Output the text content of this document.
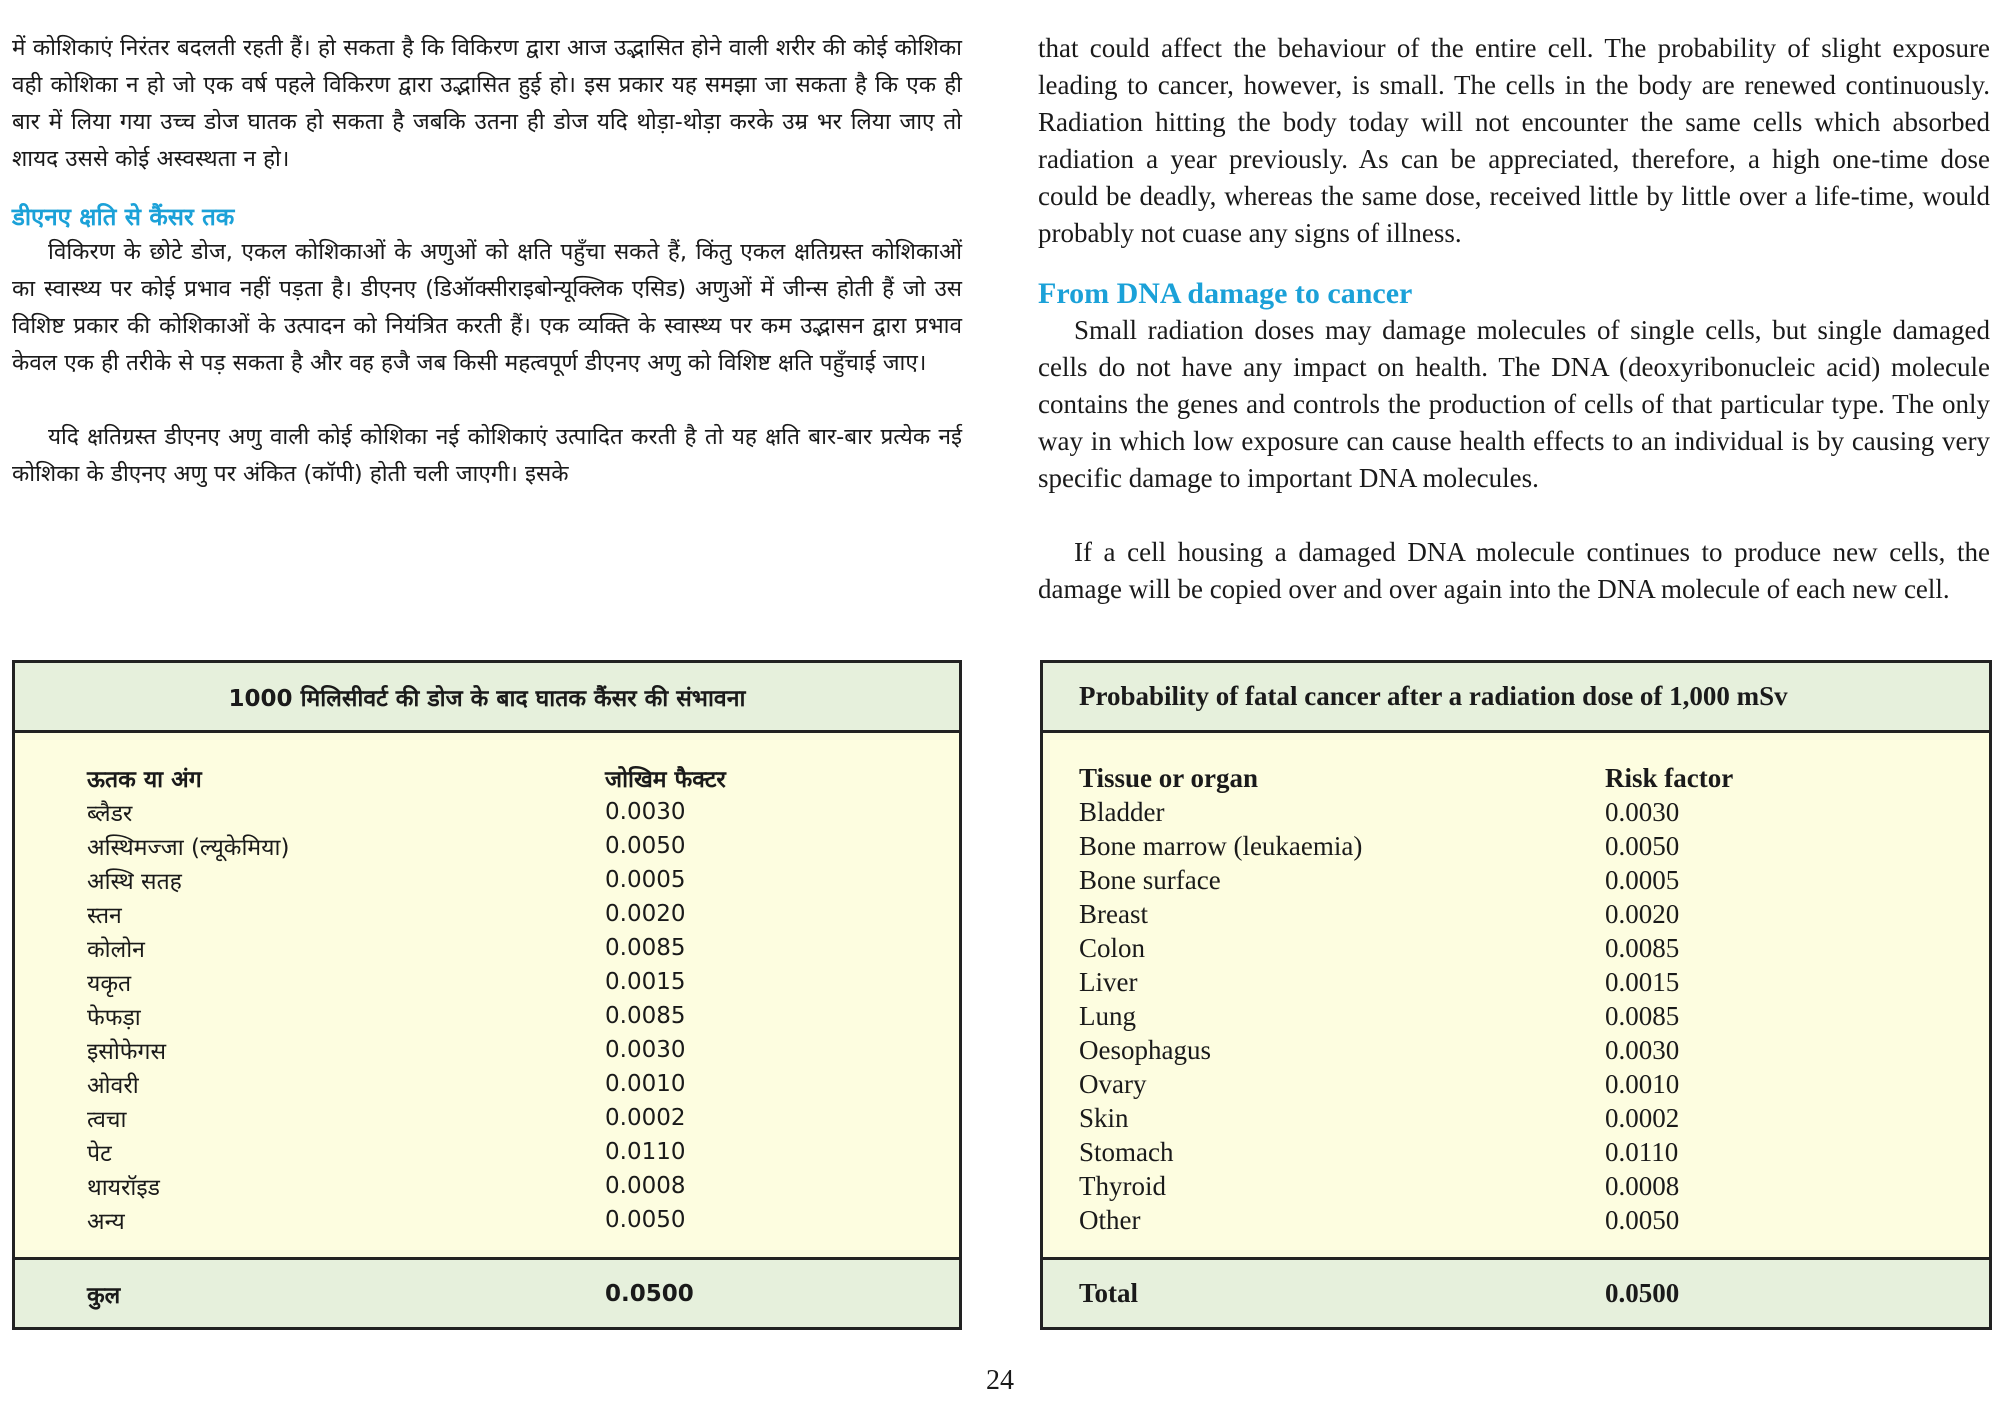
में कोशिकाएं निरंतर बदलती रहती हैं। हो सकता है कि विकिरण द्वारा आज उद्भासित होने वाली शरीर की कोई कोशिका वही कोशिका न हो जो एक वर्ष पहले विकिरण द्वारा उद्भासित हुई हो। इस प्रकार यह समझा जा सकता है कि एक ही बार में लिया गया उच्च डोज घातक हो सकता है जबकि उतना ही डोज यदि थोड़ा-थोड़ा करके उम्र भर लिया जाए तो शायद उससे कोई अस्वस्थता न हो।

डीएनए क्षति से कैंसर तक

विकिरण के छोटे डोज, एकल कोशिकाओं के अणुओं को क्षति पहुँचा सकते हैं, किंतु एकल क्षतिग्रस्त कोशिकाओं का स्वास्थ्य पर कोई प्रभाव नहीं पड़ता है। डीएनए (डिऑक्सीराइबोन्यूक्लिक एसिड) अणुओं में जीन्स होती हैं जो उस विशिष्ट प्रकार की कोशिकाओं के उत्पादन को नियंत्रित करती हैं। एक व्यक्ति के स्वास्थ्य पर कम उद्भासन द्वारा प्रभाव केवल एक ही तरीके से पड़ सकता है और वह हजै जब किसी महत्वपूर्ण डीएनए अणु को विशिष्ट क्षति पहुँचाई जाए।

यदि क्षतिग्रस्त डीएनए अणु वाली कोई कोशिका नई कोशिकाएं उत्पादित करती है तो यह क्षति बार-बार प्रत्येक नई कोशिका के डीएनए अणु पर अंकित (कॉपी) होती चली जाएगी। इसके

that could affect the behaviour of the entire cell. The probability of slight exposure leading to cancer, however, is small. The cells in the body are renewed continuously. Radiation hitting the body today will not encounter the same cells which absorbed radiation a year previously. As can be appreciated, therefore, a high one-time dose could be deadly, whereas the same dose, received little by little over a life-time, would probably not cuase any signs of illness.

From DNA damage to cancer

Small radiation doses may damage molecules of single cells, but single damaged cells do not have any impact on health. The DNA (deoxyribonucleic acid) molecule contains the genes and controls the production of cells of that particular type. The only way in which low exposure can cause health effects to an individual is by causing very specific damage to important DNA molecules.

If a cell housing a damaged DNA molecule continues to produce new cells, the damage will be copied over and over again into the DNA molecule of each new cell.

1000 मिलिसीवर्ट की डोज के बाद घातक कैंसर की संभावना
ऊतक या अंग	जोखिम फैक्टर
ब्लैडर	0.0030
अस्थिमज्जा (ल्यूकेमिया)	0.0050
अस्थि सतह	0.0005
स्तन	0.0020
कोलोन	0.0085
यकृत	0.0015
फेफड़ा	0.0085
इसोफेगस	0.0030
ओवरी	0.0010
त्वचा	0.0002
पेट	0.0110
थायरॉइड	0.0008
अन्य	0.0050
कुल	0.0500
Probability of fatal cancer after a radiation dose of 1,000 mSv
Tissue or organ	Risk factor
Bladder	0.0030
Bone marrow (leukaemia)	0.0050
Bone surface	0.0005
Breast	0.0020
Colon	0.0085
Liver	0.0015
Lung	0.0085
Oesophagus	0.0030
Ovary	0.0010
Skin	0.0002
Stomach	0.0110
Thyroid	0.0008
Other	0.0050
Total	0.0500
24
